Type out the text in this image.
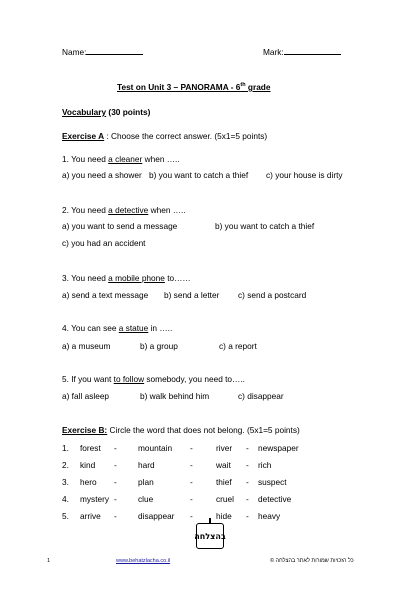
Name:	Mark:
Test on Unit 3 – PANORAMA - 6th grade
Vocabulary (30 points)
Exercise A : Choose the correct answer. (5x1=5 points)
1. You need a cleaner when …..
a) you need a shower b) you want to catch a thief c) your house is dirty
2. You need a detective when …..
a) you want to send a message	b) you want to catch a thief
c) you had an accident
3. You need a mobile phone to……
a) send a text message b) send a letter c) send a postcard
4. You can see a statue in …..
a) a museum	b) a group	c) a report
5. If you want to follow somebody, you need to…..
a) fall asleep	b) walk behind him	c) disappear
Exercise B: Circle the word that does not belong. (5x1=5 points)
1. forest -	mountain -	river - newspaper
2. kind -	hard	-	wait - rich
3. hero -	plan	-	thief - suspect
4. mystery -	clue	-	cruel - detective
5. arrive -	disappear -	hide - heavy
בהצלחה
1	www.behatzlacha.co.il	כל הזכויות שמורות לאתר בהצלחה ©
